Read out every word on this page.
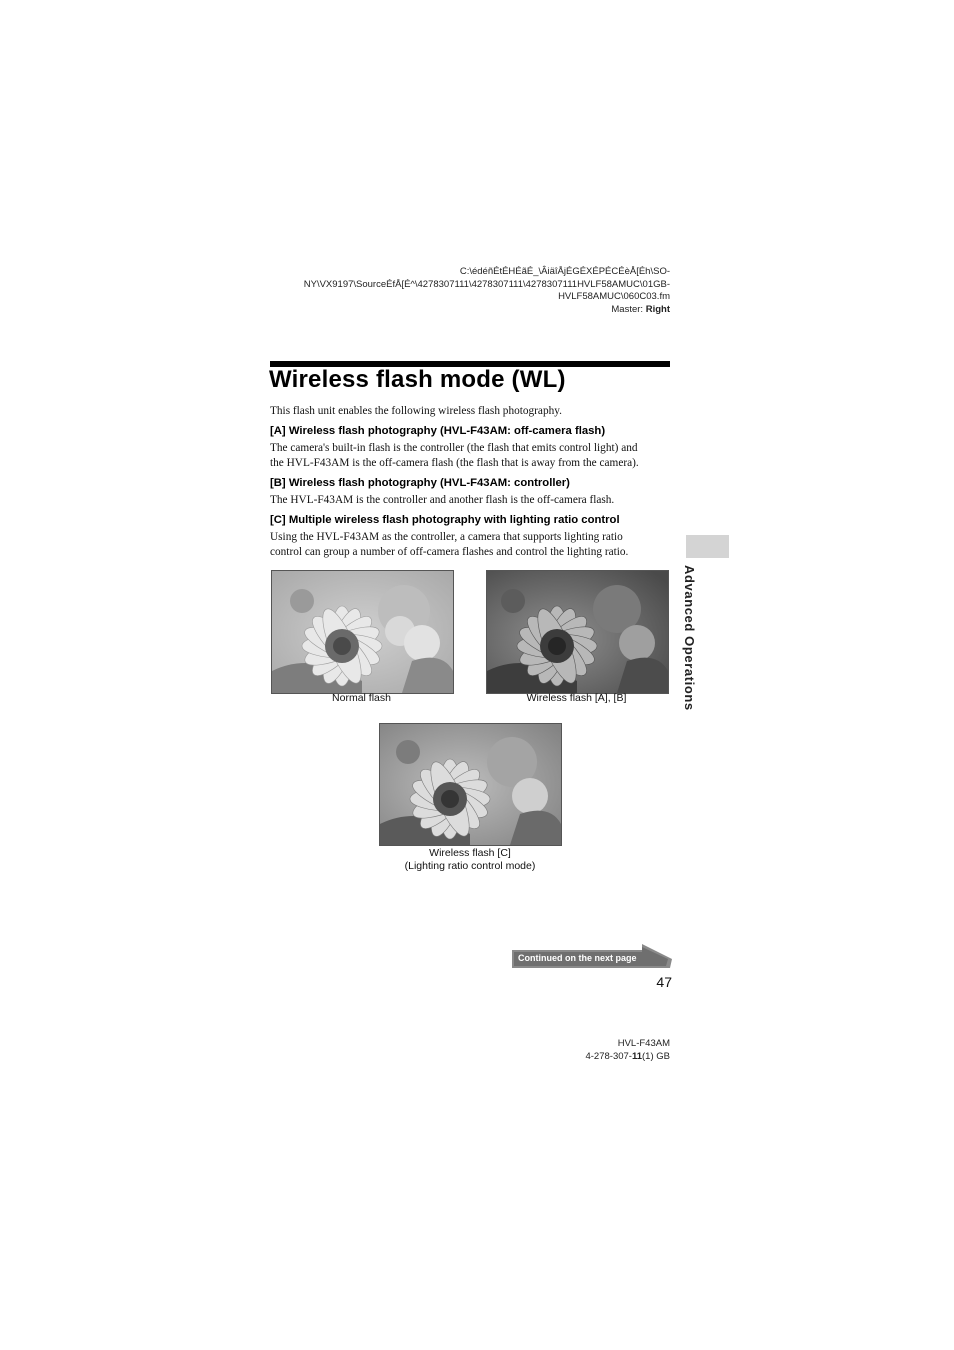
C:\édéñÉtÉHÉãÉ_\ÂiäîÅjÉGÉXÉPÉCÉèÅ[Éh\SO-
NY\VX9197\SourceÉfÅ[É^\4278307111\4278307111\4278307111HVLF58AMUC\01GB-
HVLF58AMUC\060C03.fm
Master: Right
Wireless flash mode (WL)
This flash unit enables the following wireless flash photography.
[A] Wireless flash photography (HVL-F43AM: off-camera flash)
The camera's built-in flash is the controller (the flash that emits control light) and
the HVL-F43AM is the off-camera flash (the flash that is away from the camera).
[B] Wireless flash photography (HVL-F43AM: controller)
The HVL-F43AM is the controller and another flash is the off-camera flash.
[C] Multiple wireless flash photography with lighting ratio control
Using the HVL-F43AM as the controller, a camera that supports lighting ratio
control can group a number of off-camera flashes and control the lighting ratio.
Advanced Operations
Normal flash	Wireless flash [A], [B]
Wireless flash [C]
(Lighting ratio control mode)
Continued on the next page
47
HVL-F43AM
4-278-307-11(1) GB
